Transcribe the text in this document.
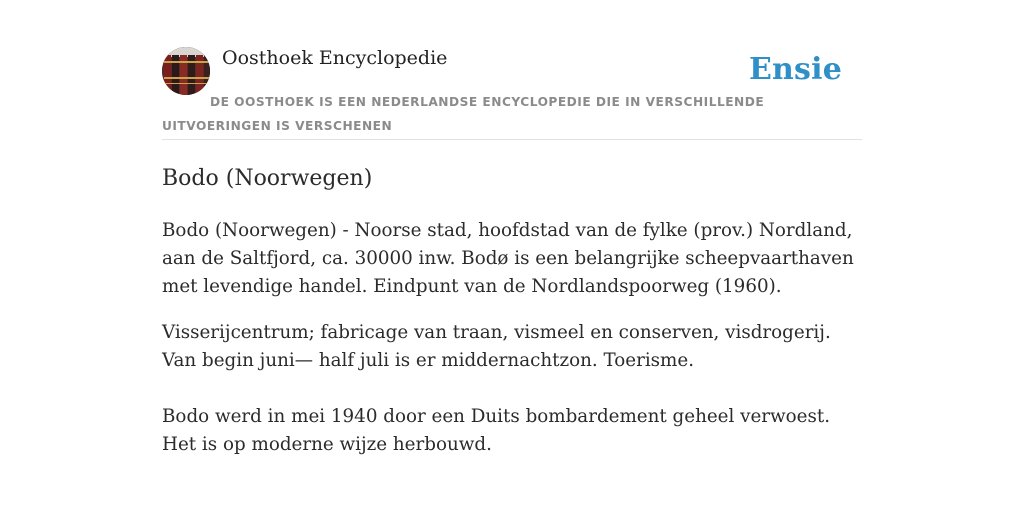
Oosthoek Encyclopedie	Ensie
DE OOSTHOEK IS EEN NEDERLANDSE ENCYCLOPEDIE DIE IN VERSCHILLENDE UITVOERINGEN IS VERSCHENEN
Bodo (Noorwegen)
Bodo (Noorwegen) - Noorse stad, hoofdstad van de fylke (prov.) Nordland, aan de Saltfjord, ca. 30000 inw. Bodø is een belangrijke scheepvaarthaven met levendige handel. Eindpunt van de Nordlandspoorweg (1960).
Visserijcentrum; fabricage van traan, vismeel en conserven, visdrogerij. Van begin juni— half juli is er middernachtzon. Toerisme.
Bodo werd in mei 1940 door een Duits bombardement geheel verwoest. Het is op moderne wijze herbouwd.
